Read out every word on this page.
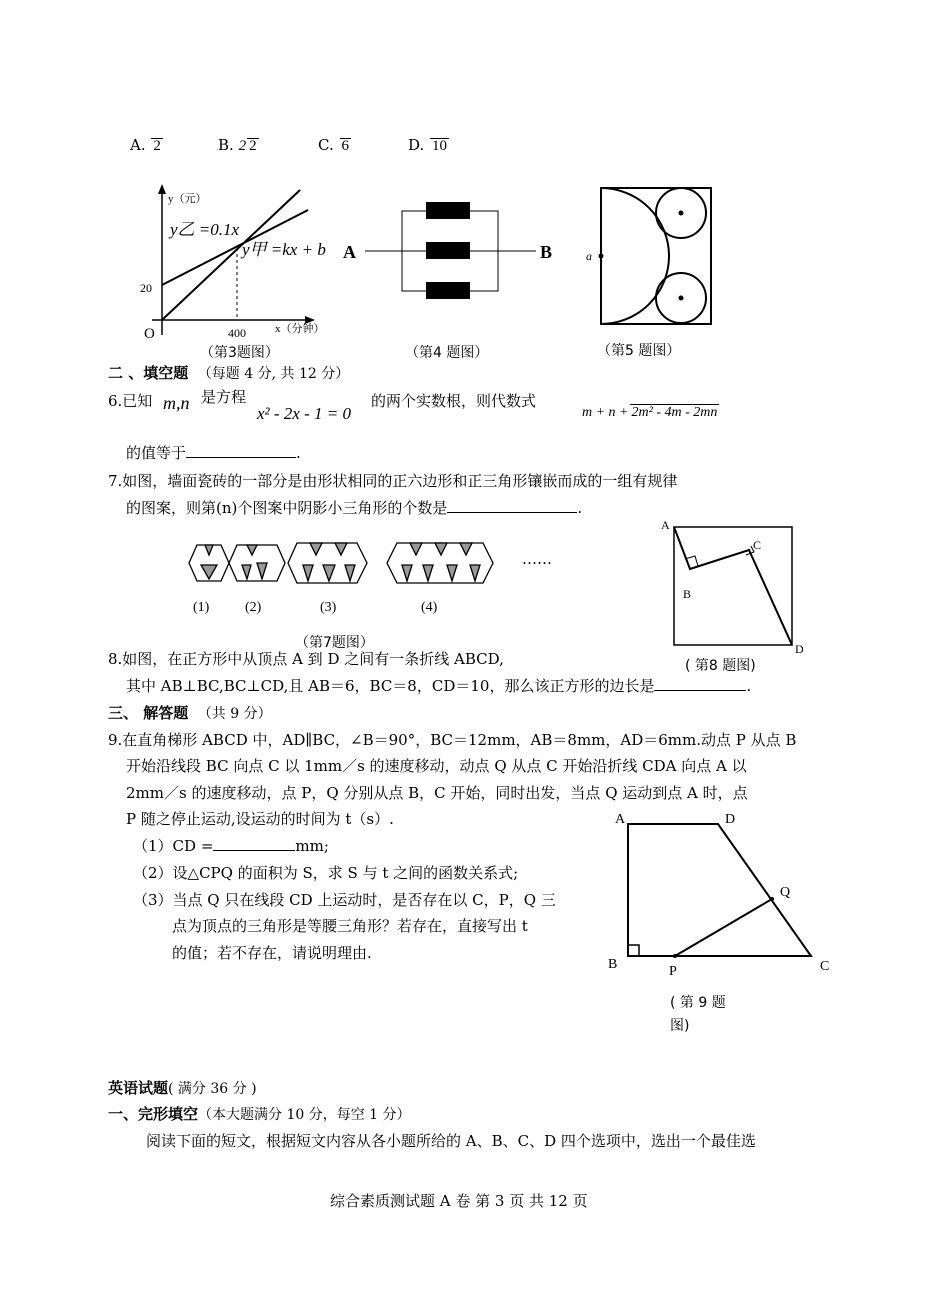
A. 2	B. 2 2	C. 6	D. 10
y（元）
x（分钟）
y乙 =0.1x
y甲 =kx + b
20
400
O
（第3题图）
A	B
（第4 题图）
a
（第5 题图）
二 、填空题 （每题 4 分, 共 12 分）
6.已知 m,n 是方程
x² - 2x - 1 = 0
的两个实数根，则代数式
m + n + 2m² - 4m - 2mn
的值等于	.
7.如图，墙面瓷砖的一部分是由形状相同的正六边形和正三角形镶嵌而成的一组有规律
的图案，则第(n)个图案中阴影小三角形的个数是	.
(1)	(2)	(3)	(4)
……
（第7题图）
A
B
C
D
( 第8 题图)
8.如图，在正方形中从顶点 A 到 D 之间有一条折线 ABCD,
其中 AB⊥BC,BC⊥CD,且 AB＝6，BC＝8，CD＝10，那么该正方形的边长是	.
三、 解答题 （共 9 分）
9.在直角梯形 ABCD 中，AD∥BC，∠B＝90°，BC＝12mm，AB＝8mm，AD＝6mm.动点 P 从点 B
开始沿线段 BC 向点 C 以 1mm／s 的速度移动，动点 Q 从点 C 开始沿折线 CDA 向点 A 以
2mm／s 的速度移动，点 P，Q 分别从点 B，C 开始，同时出发，当点 Q 运动到点 A 时，点
P 随之停止运动,设运动的时间为 t（s）.
（1）CD =	mm;
（2）设△CPQ 的面积为 S，求 S 与 t 之间的函数关系式;
（3）当点 Q 只在线段 CD 上运动时，是否存在以 C，P，Q 三
点为顶点的三角形是等腰三角形？若存在，直接写出 t
的值；若不存在，请说明理由.
A	D
B	P	C
Q
( 第 9 题
图)
英语试题( 满分 36 分 )
一、完形填空（本大题满分 10 分，每空 1 分）
阅读下面的短文，根据短文内容从各小题所给的 A、B、C、D 四个选项中，选出一个最佳选
综合素质测试题 A 卷 第 3 页 共 12 页
